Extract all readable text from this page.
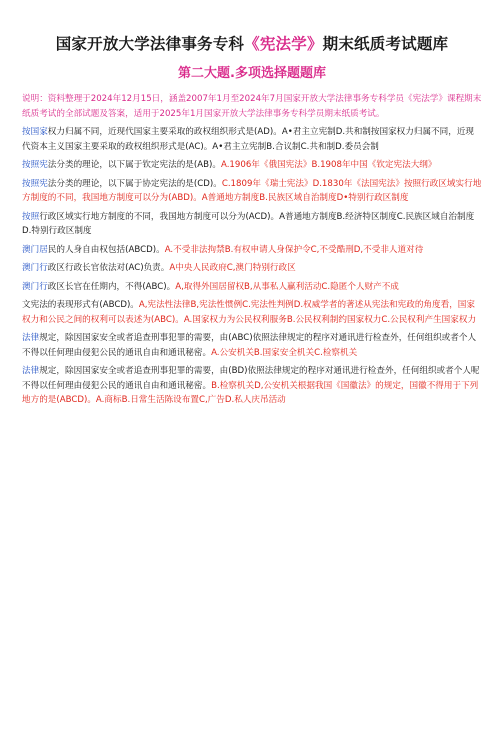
国家开放大学法律事务专科《宪法学》期末纸质考试题库
第二大题.多项选择题题库

说明：资料整理于2024年12月15日，涵盖2007年1月至2024年7月国家开放大学法律事务专科学员《宪法学》课程期末纸质考试的全部试题及答案，适用于2025年1月国家开放大学法律事务专科学员期末纸质考试。

按国家权力归属不同，近现代国家主要采取的政权组织形式是(AD)。A•君主立宪制D.共和制按国家权力归属不同，近现代资本主义国家主要采取的政权组织形式是(AC)。A•君主立宪制B.合议制C.共和制D.委员会制

按照宪法分类的理论，以下属于钦定宪法的是(AB)。A.1906年《俄国宪法》B.1908年中国《钦定宪法大纲》

按照宪法分类的理论，以下属于协定宪法的是(CD)。C.1809年《瑞士宪法》D.1830年《法国宪法》按照行政区域实行地方制度的不同，我国地方制度可以分为(ABD)。A普通地方制度B.民族区域自治制度D•特别行政区制度

按照行政区域实行地方制度的不同，我国地方制度可以分为(ACD)。A普通地方制度B.经济特区制度C.民族区域自治制度D.特别行政区制度

澳门居民的人身自由权包括(ABCD)。A.不受非法拘禁B.有权申请人身保护令C,不受酷刑D,不受非人道对待

澳门行政区行政长官依法对(AC)负责。A中央人民政府C,澳门特别行政区

澳门行政区长官在任期内，不得(ABC)。A,取得外国居留权B,从事私人赢利活动C.隐匿个人财产不成

文宪法的表现形式有(ABCD)。A,宪法性法律B,宪法性惯例C.宪法性判例D.权威学者的著述从宪法和宪政的角度看，国家权力和公民之间的权利可以表述为(ABC)。A.国家权力为公民权利服务B.公民权利制约国家权力C.公民权利产生国家权力

法律规定，除因国家安全或者追查刑事犯罪的需要，由(ABC)依照法律规定的程序对通讯进行检查外，任何组织或者个人不得以任何理由侵犯公民的通讯自由和通讯秘密。A.公安机关B.国家安全机关C.检察机关

法律规定，除因国家安全或者追查刑事犯罪的需要，由(BD)依照法律规定的程序对通讯进行检查外，任何组织或者个人呢不得以任何理由侵犯公民的通讯自由和通讯秘密。B.检察机关D,公安机关根据我国《国徽法》的规定，国徽不得用于下列地方的是(ABCD)。A.商标B.日常生活陈设布置C,广告D.私人庆吊活动
